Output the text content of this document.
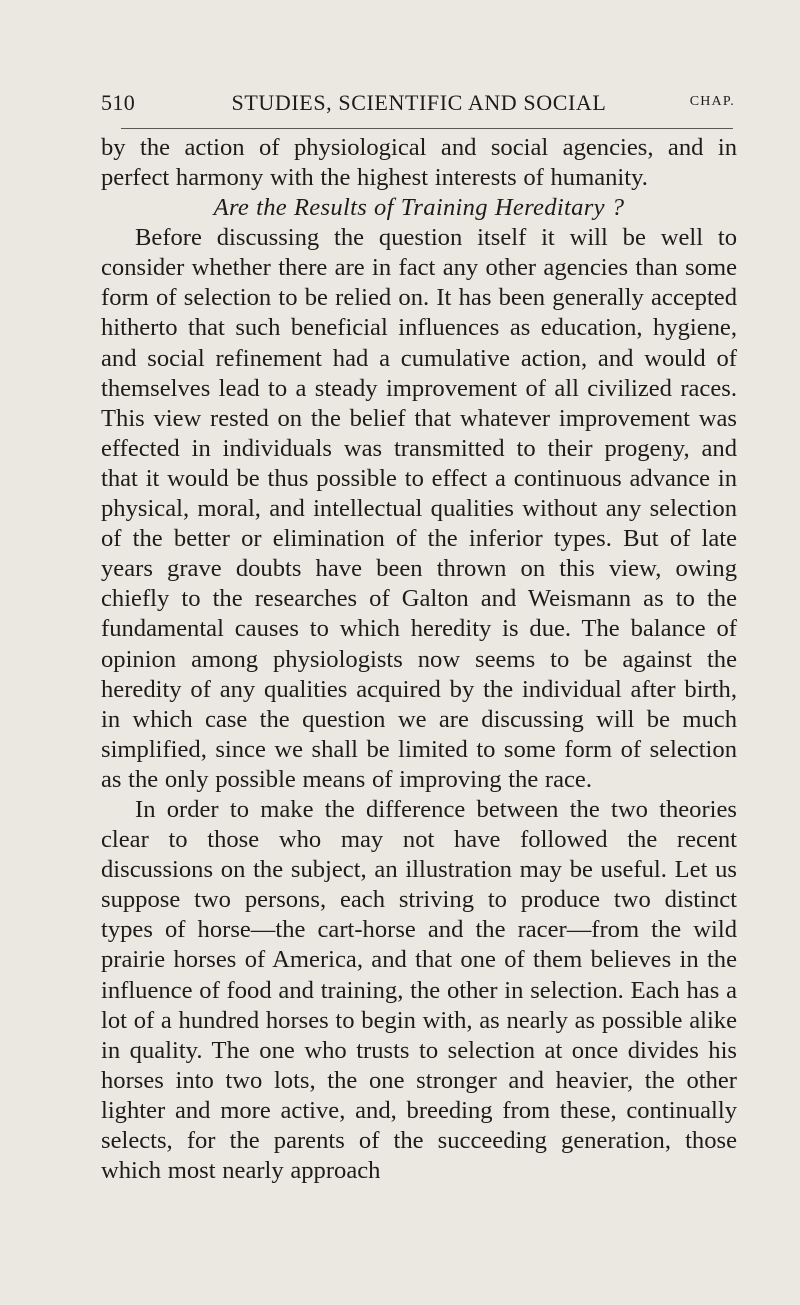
510	STUDIES, SCIENTIFIC AND SOCIAL	CHAP.

by the action of physiological and social agencies, and in perfect harmony with the highest interests of humanity.

Are the Results of Training Hereditary ?

Before discussing the question itself it will be well to consider whether there are in fact any other agencies than some form of selection to be relied on. It has been generally accepted hitherto that such beneficial influences as education, hygiene, and social refinement had a cumulative action, and would of themselves lead to a steady improvement of all civilized races. This view rested on the belief that whatever improvement was effected in individuals was transmitted to their progeny, and that it would be thus possible to effect a continuous advance in physical, moral, and intellectual qualities without any selection of the better or elimination of the inferior types. But of late years grave doubts have been thrown on this view, owing chiefly to the researches of Galton and Weismann as to the fundamental causes to which heredity is due. The balance of opinion among physiologists now seems to be against the heredity of any qualities acquired by the individual after birth, in which case the question we are discussing will be much simplified, since we shall be limited to some form of selection as the only possible means of improving the race.

In order to make the difference between the two theories clear to those who may not have followed the recent discussions on the subject, an illustration may be useful. Let us suppose two persons, each striving to produce two distinct types of horse—the cart-horse and the racer—from the wild prairie horses of America, and that one of them believes in the influence of food and training, the other in selection. Each has a lot of a hundred horses to begin with, as nearly as possible alike in quality. The one who trusts to selection at once divides his horses into two lots, the one stronger and heavier, the other lighter and more active, and, breeding from these, continually selects, for the parents of the succeeding generation, those which most nearly approach
